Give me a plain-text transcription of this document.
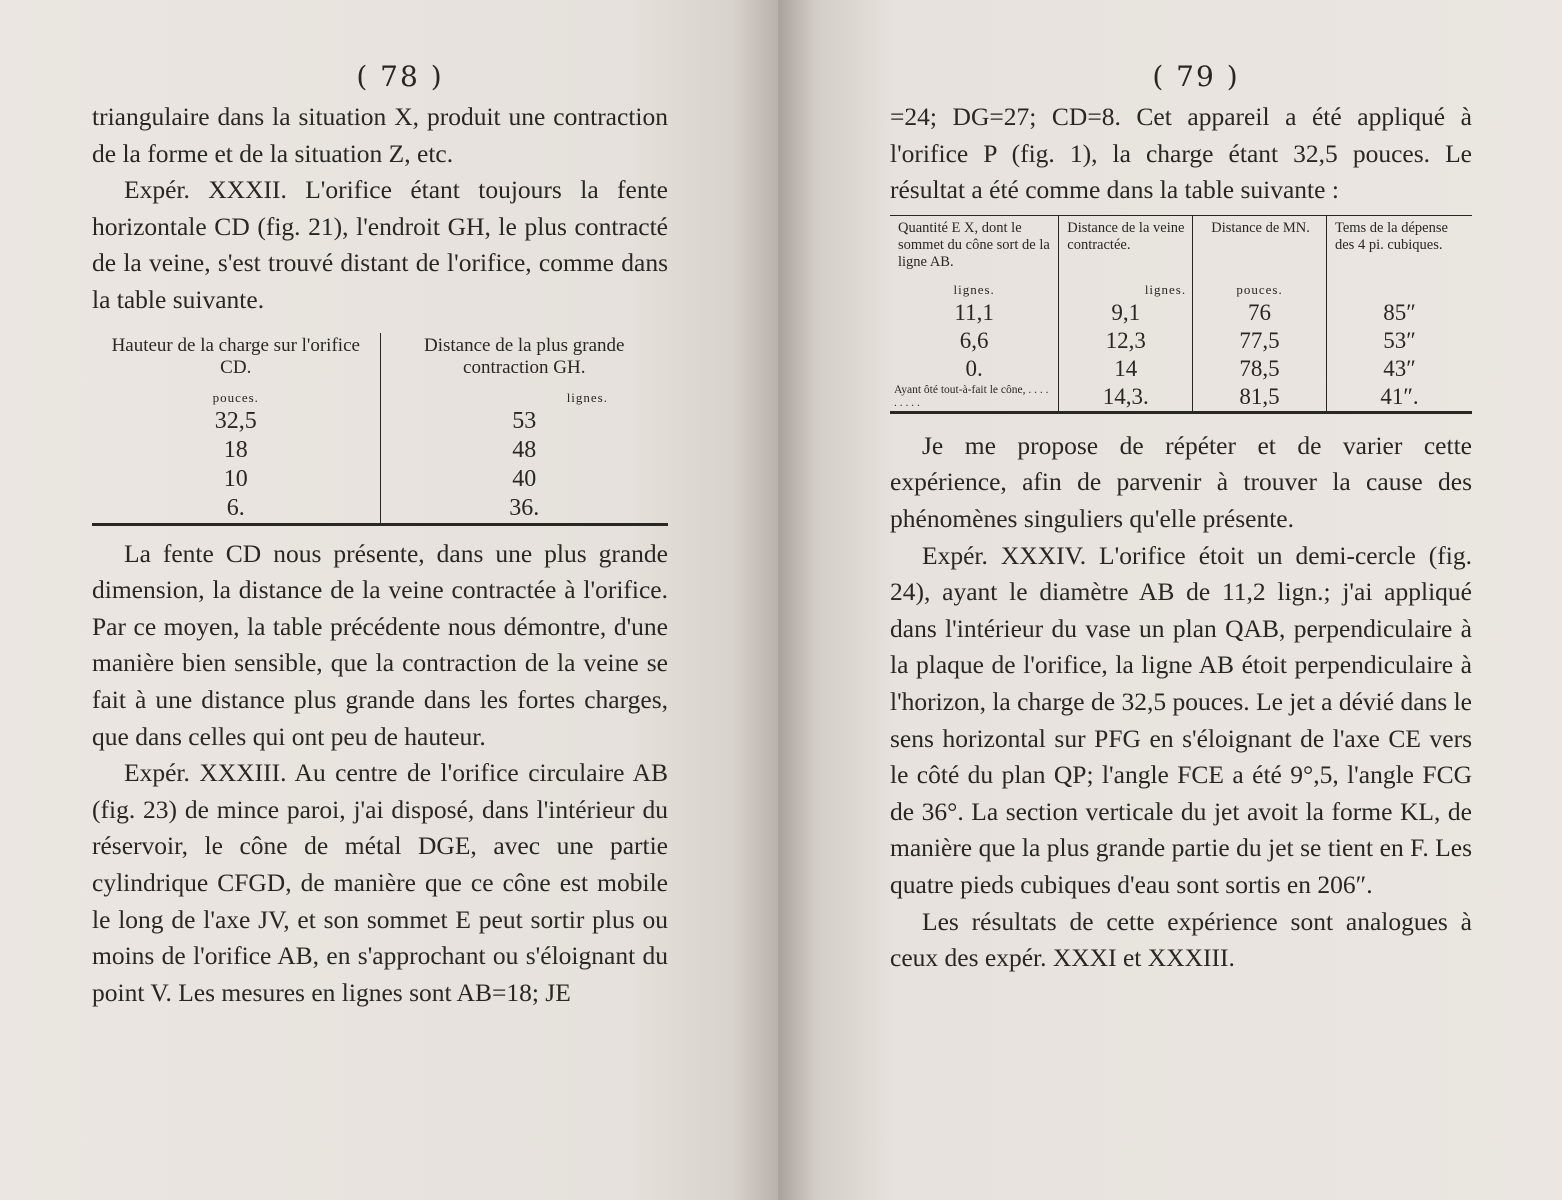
( 78 )

triangulaire dans la situation X, produit une contraction de la forme et de la situation Z, etc.

Expér. XXXII. L'orifice étant toujours la fente horizontale CD (fig. 21), l'endroit GH, le plus contracté de la veine, s'est trouvé distant de l'orifice, comme dans la table suivante.

Hauteur de la charge sur l'orifice CD.	Distance de la plus grande contraction GH.
pouces.	lignes.
32,5	53
18	48
10	40
6.	36.

La fente CD nous présente, dans une plus grande dimension, la distance de la veine contractée à l'orifice. Par ce moyen, la table précédente nous démontre, d'une manière bien sensible, que la contraction de la veine se fait à une distance plus grande dans les fortes charges, que dans celles qui ont peu de hauteur.

Expér. XXXIII. Au centre de l'orifice circulaire AB (fig. 23) de mince paroi, j'ai disposé, dans l'intérieur du réservoir, le cône de métal DGE, avec une partie cylindrique CFGD, de manière que ce cône est mobile le long de l'axe JV, et son sommet E peut sortir plus ou moins de l'orifice AB, en s'approchant ou s'éloignant du point V. Les mesures en lignes sont AB=18; JE

( 79 )

=24; DG=27; CD=8. Cet appareil a été appliqué à l'orifice P (fig. 1), la charge étant 32,5 pouces. Le résultat a été comme dans la table suivante :

Quantité E X, dont le sommet du cône sort de la ligne AB.	Distance de la veine contractée.	Distance de MN.	Tems de la dépense des 4 pi. cubiques.
lignes.	lignes.	pouces.	
11,1	9,1	76	85″
6,6	12,3	77,5	53″
0.	14	78,5	43″
Ayant ôté tout-à-fait le cône, . . . . . . . . .	14,3.	81,5	41″.

Je me propose de répéter et de varier cette expérience, afin de parvenir à trouver la cause des phénomènes singuliers qu'elle présente.

Expér. XXXIV. L'orifice étoit un demi-cercle (fig. 24), ayant le diamètre AB de 11,2 lign.; j'ai appliqué dans l'intérieur du vase un plan QAB, perpendiculaire à la plaque de l'orifice, la ligne AB étoit perpendiculaire à l'horizon, la charge de 32,5 pouces. Le jet a dévié dans le sens horizontal sur PFG en s'éloignant de l'axe CE vers le côté du plan QP; l'angle FCE a été 9°,5, l'angle FCG de 36°. La section verticale du jet avoit la forme KL, de manière que la plus grande partie du jet se tient en F. Les quatre pieds cubiques d'eau sont sortis en 206″.

Les résultats de cette expérience sont analogues à ceux des expér. XXXI et XXXIII.
